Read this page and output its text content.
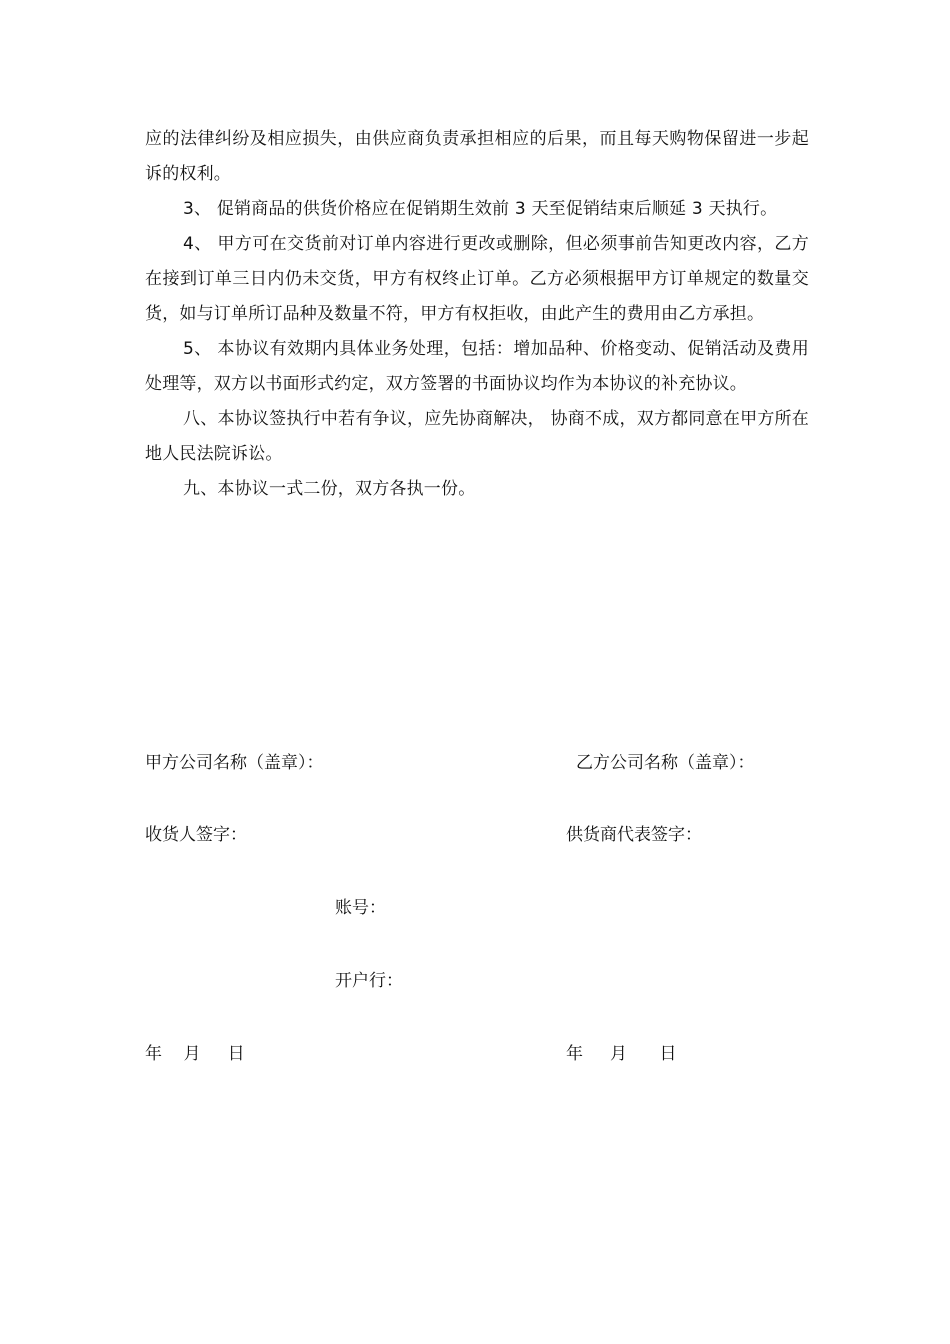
应的法律纠纷及相应损失，由供应商负责承担相应的后果，而且每天购物保留进一步起诉的权利。

3、 促销商品的供货价格应在促销期生效前 3 天至促销结束后顺延 3 天执行。

4、 甲方可在交货前对订单内容进行更改或删除，但必须事前告知更改内容，乙方在接到订单三日内仍未交货，甲方有权终止订单。乙方必须根据甲方订单规定的数量交货，如与订单所订品种及数量不符，甲方有权拒收，由此产生的费用由乙方承担。

5、 本协议有效期内具体业务处理，包括：增加品种、价格变动、促销活动及费用处理等，双方以书面形式约定，双方签署的书面协议均作为本协议的补充协议。

八、本协议签执行中若有争议，应先协商解决， 协商不成，双方都同意在甲方所在地人民法院诉讼。

九、本协议一式二份，双方各执一份。

甲方公司名称（盖章）：	乙方公司名称（盖章）：
收货人签字：	供货商代表签字：
账号：
开户行：
年    月     日	年     月      日
